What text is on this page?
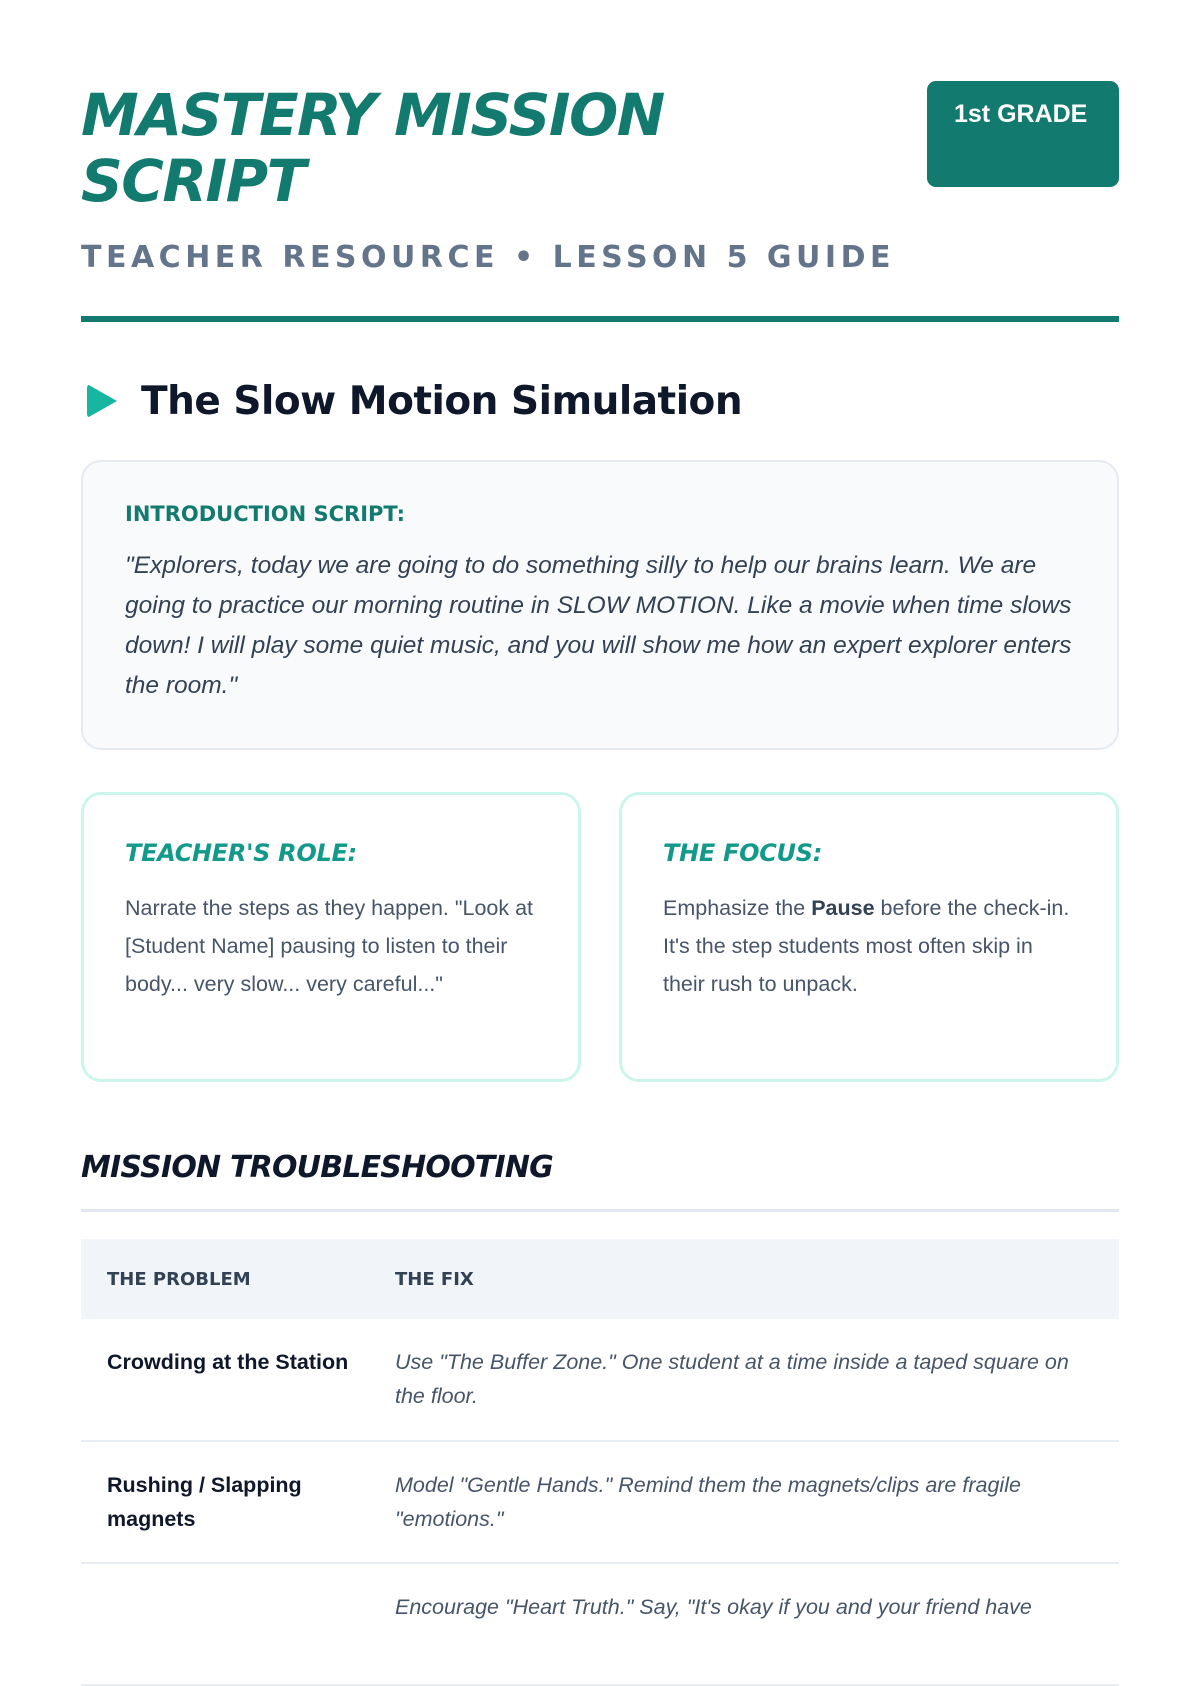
MASTERY MISSION SCRIPT
TEACHER RESOURCE • LESSON 5 GUIDE
1st GRADE
The Slow Motion Simulation
INTRODUCTION SCRIPT:

"Explorers, today we are going to do something silly to help our brains learn. We are going to practice our morning routine in SLOW MOTION. Like a movie when time slows down! I will play some quiet music, and you will show me how an expert explorer enters the room."

TEACHER'S ROLE:

Narrate the steps as they happen. "Look at [Student Name] pausing to listen to their body... very slow... very careful..."

THE FOCUS:

Emphasize the Pause before the check-in. It's the step students most often skip in their rush to unpack.

MISSION TROUBLESHOOTING
THE PROBLEM	THE FIX
Crowding at the Station	Use "The Buffer Zone." One student at a time inside a taped square on the floor.
Rushing / Slapping magnets	Model "Gentle Hands." Remind them the magnets/clips are fragile "emotions."
	Encourage "Heart Truth." Say, "It's okay if you and your friend have
